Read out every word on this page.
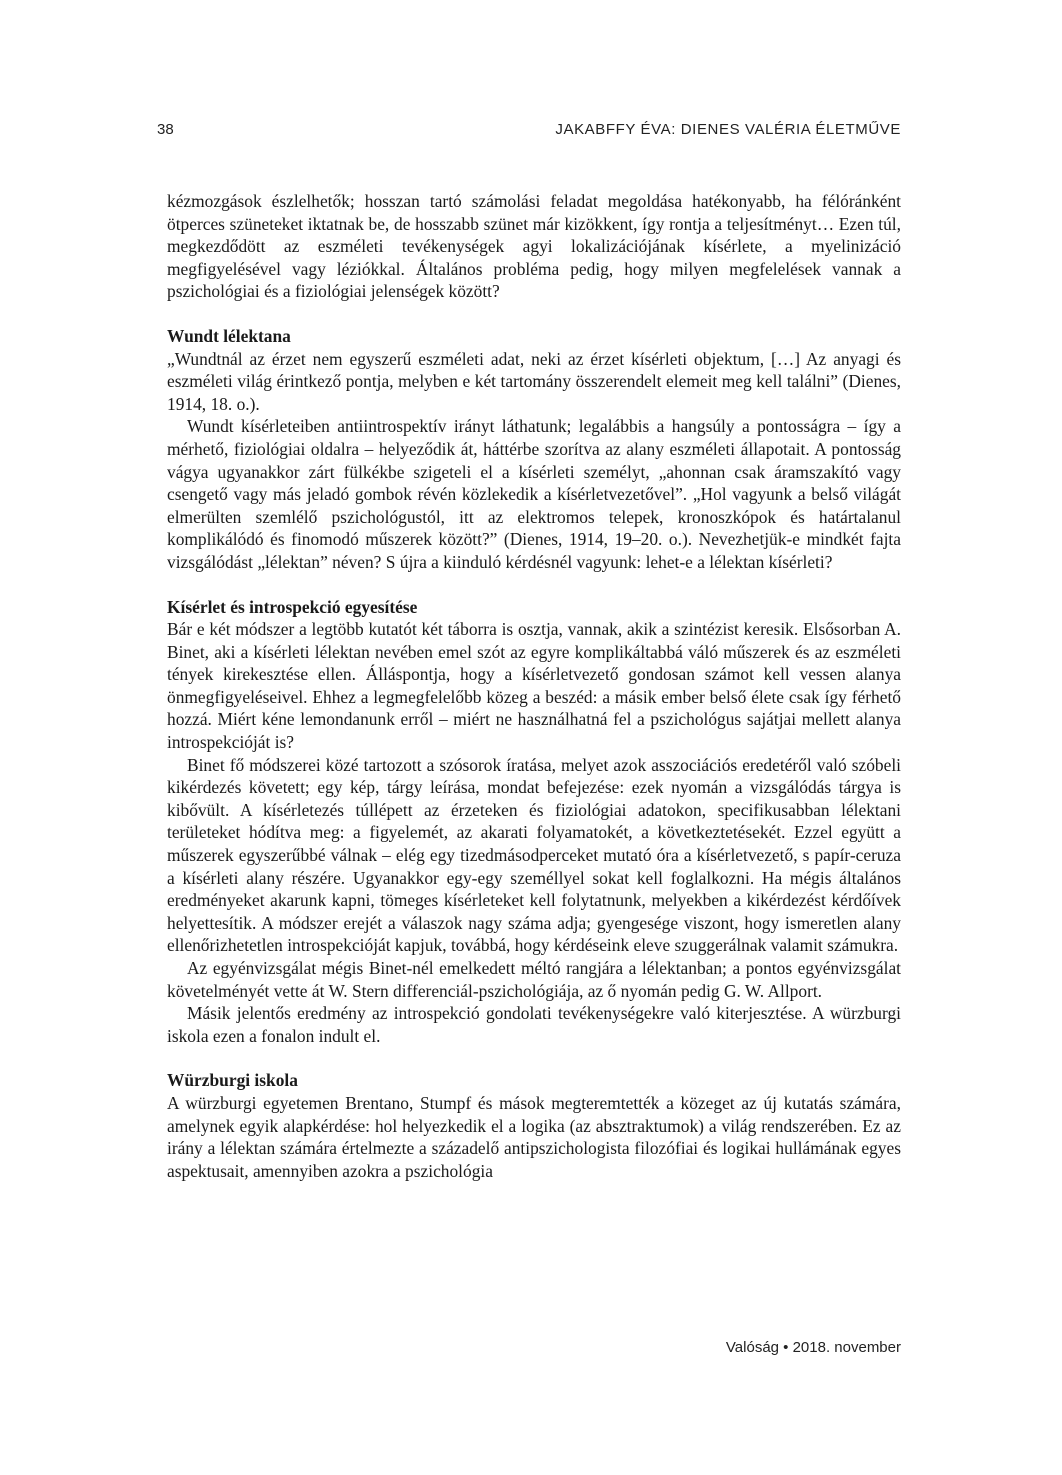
38	JAKABFFY ÉVA: DIENES VALÉRIA ÉLETMŰVE

kézmozgások észlelhetők; hosszan tartó számolási feladat megoldása hatékonyabb, ha félóránként ötperces szüneteket iktatnak be, de hosszabb szünet már kizökkent, így rontja a teljesítményt… Ezen túl, megkezdődött az eszméleti tevékenységek agyi lokalizációjának kísérlete, a myelinizáció megfigyelésével vagy léziókkal. Általános probléma pedig, hogy milyen megfelelések vannak a pszichológiai és a fiziológiai jelenségek között?

Wundt lélektana

„Wundtnál az érzet nem egyszerű eszméleti adat, neki az érzet kísérleti objektum, […] Az anyagi és eszméleti világ érintkező pontja, melyben e két tartomány összerendelt elemeit meg kell találni” (Dienes, 1914, 18. o.).

Wundt kísérleteiben antiintrospektív irányt láthatunk; legalábbis a hangsúly a pontosságra – így a mérhető, fiziológiai oldalra – helyeződik át, háttérbe szorítva az alany eszméleti állapotait. A pontosság vágya ugyanakkor zárt fülkékbe szigeteli el a kísérleti személyt, „ahonnan csak áramszakító vagy csengető vagy más jeladó gombok révén közlekedik a kísérletvezetővel”. „Hol vagyunk a belső világát elmerülten szemlélő pszichológustól, itt az elektromos telepek, kronoszkópok és határtalanul komplikálódó és finomodó műszerek között?” (Dienes, 1914, 19–20. o.). Nevezhetjük-e mindkét fajta vizsgálódást „lélektan” néven? S újra a kiinduló kérdésnél vagyunk: lehet-e a lélektan kísérleti?

Kísérlet és introspekció egyesítése

Bár e két módszer a legtöbb kutatót két táborra is osztja, vannak, akik a szintézist keresik. Elsősorban A. Binet, aki a kísérleti lélektan nevében emel szót az egyre komplikáltabbá váló műszerek és az eszméleti tények kirekesztése ellen. Álláspontja, hogy a kísérletvezető gondosan számot kell vessen alanya önmegfigyeléseivel. Ehhez a legmegfelelőbb közeg a beszéd: a másik ember belső élete csak így férhető hozzá. Miért kéne lemondanunk erről – miért ne használhatná fel a pszichológus sajátjai mellett alanya introspekcióját is?

Binet fő módszerei közé tartozott a szósorok íratása, melyet azok asszociációs eredetéről való szóbeli kikérdezés követett; egy kép, tárgy leírása, mondat befejezése: ezek nyomán a vizsgálódás tárgya is kibővült. A kísérletezés túllépett az érzeteken és fiziológiai adatokon, specifikusabban lélektani területeket hódítva meg: a figyelemét, az akarati folyamatokét, a következtetésekét. Ezzel együtt a műszerek egyszerűbbé válnak – elég egy tizedmásodperceket mutató óra a kísérletvezető, s papír-ceruza a kísérleti alany részére. Ugyanakkor egy-egy személlyel sokat kell foglalkozni. Ha mégis általános eredményeket akarunk kapni, tömeges kísérleteket kell folytatnunk, melyekben a kikérdezést kérdőívek helyettesítik. A módszer erejét a válaszok nagy száma adja; gyengesége viszont, hogy ismeretlen alany ellenőrizhetetlen introspekcióját kapjuk, továbbá, hogy kérdéseink eleve szuggerálnak valamit számukra.

Az egyénvizsgálat mégis Binet-nél emelkedett méltó rangjára a lélektanban; a pontos egyénvizsgálat követelményét vette át W. Stern differenciál-pszichológiája, az ő nyomán pedig G. W. Allport.

Másik jelentős eredmény az introspekció gondolati tevékenységekre való kiterjesztése. A würzburgi iskola ezen a fonalon indult el.

Würzburgi iskola

A würzburgi egyetemen Brentano, Stumpf és mások megteremtették a közeget az új kutatás számára, amelynek egyik alapkérdése: hol helyezkedik el a logika (az absztraktumok) a világ rendszerében. Ez az irány a lélektan számára értelmezte a századelő antipszichologista filozófiai és logikai hullámának egyes aspektusait, amennyiben azokra a pszichológia

Valóság • 2018. november
